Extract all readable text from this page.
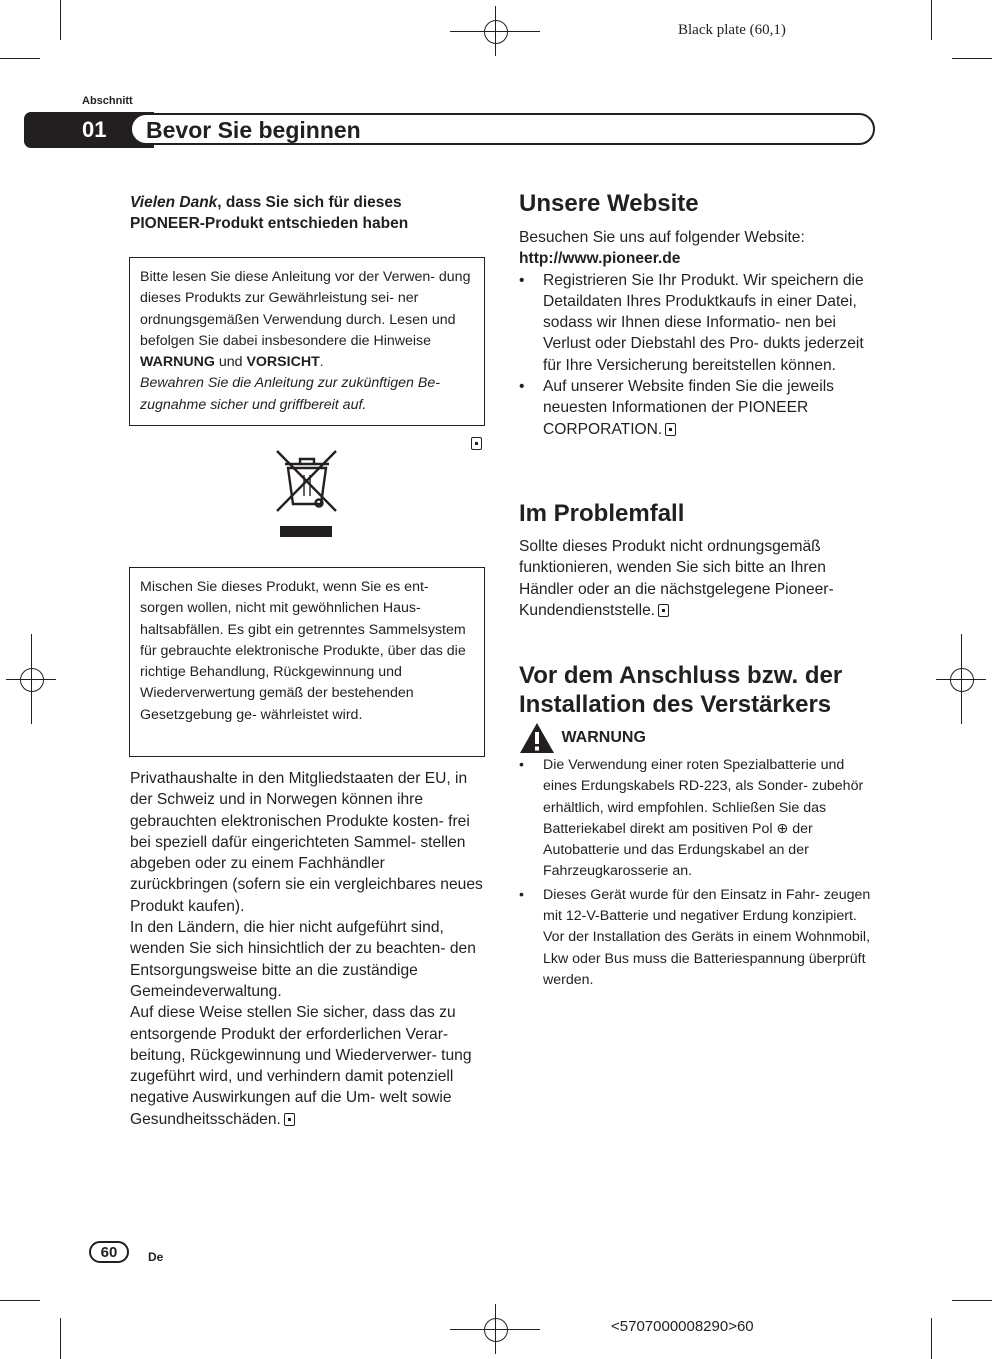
Black plate (60,1)
Abschnitt
01	Bevor Sie beginnen
Vielen Dank, dass Sie sich für dieses PIONEER-Produkt entschieden haben
Bitte lesen Sie diese Anleitung vor der Verwen- dung dieses Produkts zur Gewährleistung sei- ner ordnungsgemäßen Verwendung durch. Lesen und befolgen Sie dabei insbesondere die Hinweise WARNUNG und VORSICHT.
Bewahren Sie die Anleitung zur zukünftigen Be- zugnahme sicher und griffbereit auf.
Mischen Sie dieses Produkt, wenn Sie es ent- sorgen wollen, nicht mit gewöhnlichen Haus- haltsabfällen. Es gibt ein getrenntes Sammelsystem für gebrauchte elektronische Produkte, über das die richtige Behandlung, Rückgewinnung und Wiederverwertung gemäß der bestehenden Gesetzgebung ge- währleistet wird.
Privathaushalte in den Mitgliedstaaten der EU, in der Schweiz und in Norwegen können ihre gebrauchten elektronischen Produkte kosten- frei bei speziell dafür eingerichteten Sammel- stellen abgeben oder zu einem Fachhändler zurückbringen (sofern sie ein vergleichbares neues Produkt kaufen).
In den Ländern, die hier nicht aufgeführt sind, wenden Sie sich hinsichtlich der zu beachten- den Entsorgungsweise bitte an die zuständige Gemeindeverwaltung.
Auf diese Weise stellen Sie sicher, dass das zu entsorgende Produkt der erforderlichen Verar- beitung, Rückgewinnung und Wiederverwer- tung zugeführt wird, und verhindern damit potenziell negative Auswirkungen auf die Um- welt sowie Gesundheitsschäden.
Unsere Website
Besuchen Sie uns auf folgender Website:
http://www.pioneer.de
• Registrieren Sie Ihr Produkt. Wir speichern die Detaildaten Ihres Produktkaufs in einer Datei, sodass wir Ihnen diese Informatio- nen bei Verlust oder Diebstahl des Pro- dukts jederzeit für Ihre Versicherung bereitstellen können.
• Auf unserer Website finden Sie die jeweils neuesten Informationen der PIONEER CORPORATION.
Im Problemfall
Sollte dieses Produkt nicht ordnungsgemäß funktionieren, wenden Sie sich bitte an Ihren Händler oder an die nächstgelegene Pioneer- Kundendienststelle.
Vor dem Anschluss bzw. der
Installation des Verstärkers
WARNUNG
• Die Verwendung einer roten Spezialbatterie und eines Erdungskabels RD-223, als Sonder- zubehör erhältlich, wird empfohlen. Schließen Sie das Batteriekabel direkt am positiven Pol ⊕ der Autobatterie und das Erdungskabel an der Fahrzeugkarosserie an.
• Dieses Gerät wurde für den Einsatz in Fahr- zeugen mit 12-V-Batterie und negativer Erdung konzipiert. Vor der Installation des Geräts in einem Wohnmobil, Lkw oder Bus muss die Batteriespannung überprüft werden.
60	De
<5707000008290>60
